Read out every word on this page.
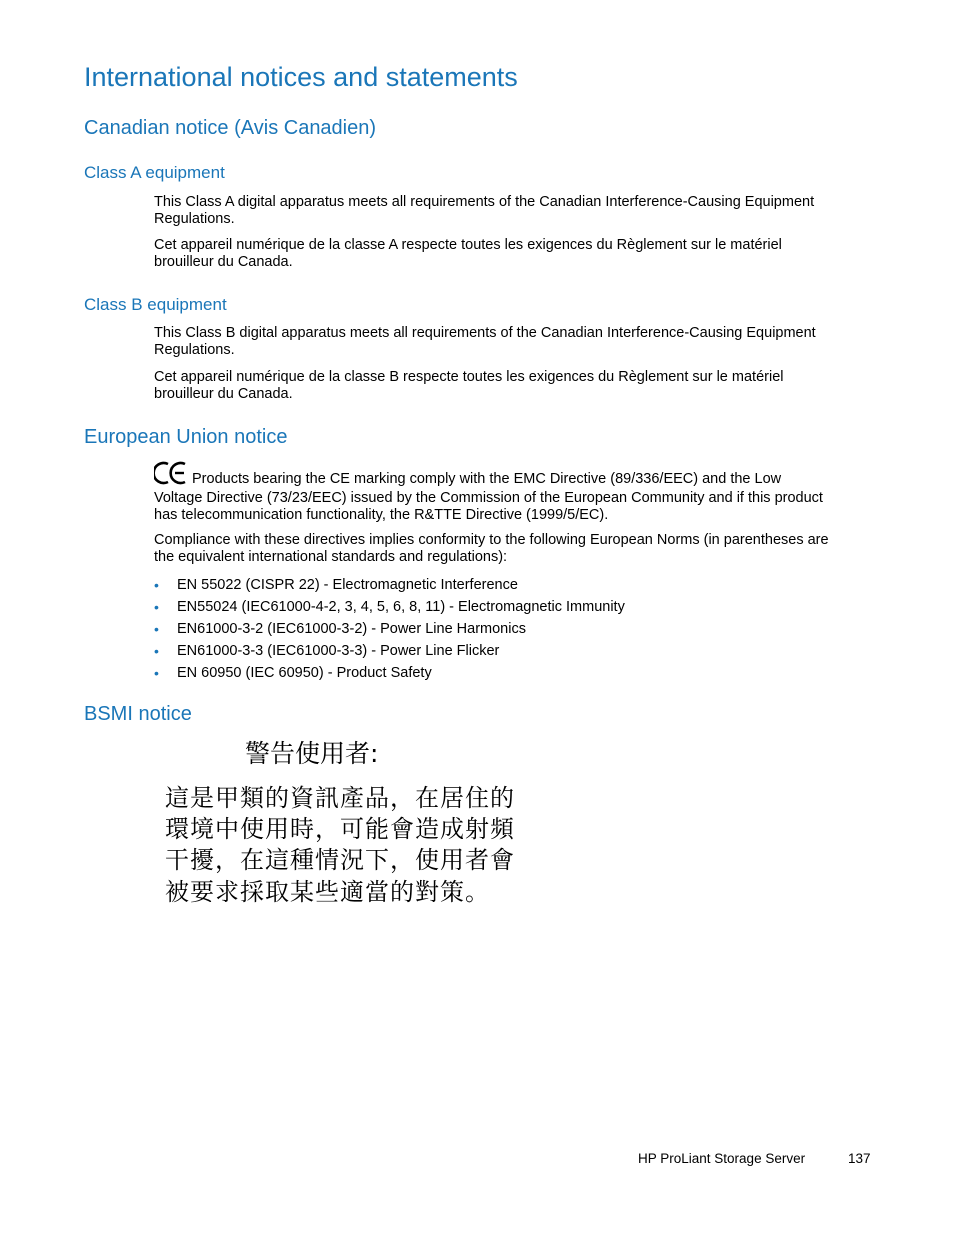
International notices and statements
Canadian notice (Avis Canadien)
Class A equipment

This Class A digital apparatus meets all requirements of the Canadian Interference-Causing Equipment
Regulations.

Cet appareil numérique de la classe A respecte toutes les exigences du Règlement sur le matériel
brouilleur du Canada.

Class B equipment

This Class B digital apparatus meets all requirements of the Canadian Interference-Causing Equipment
Regulations.

Cet appareil numérique de la classe B respecte toutes les exigences du Règlement sur le matériel
brouilleur du Canada.

European Union notice

Products bearing the CE marking comply with the EMC Directive (89/336/EEC) and the Low
Voltage Directive (73/23/EEC) issued by the Commission of the European Community and if this product
has telecommunication functionality, the R&TTE Directive (1999/5/EC).

Compliance with these directives implies conformity to the following European Norms (in parentheses are
the equivalent international standards and regulations):

• EN 55022 (CISPR 22) - Electromagnetic Interference
• EN55024 (IEC61000-4-2, 3, 4, 5, 6, 8, 11) - Electromagnetic Immunity
• EN61000-3-2 (IEC61000-3-2) - Power Line Harmonics
• EN61000-3-3 (IEC61000-3-3) - Power Line Flicker
• EN 60950 (IEC 60950) - Product Safety
BSMI notice
警告使用者:
這是甲類的資訊產品，在居住的
環境中使用時，可能會造成射頻
干擾，在這種情況下，使用者會
被要求採取某些適當的對策。
HP ProLiant Storage Server	137
